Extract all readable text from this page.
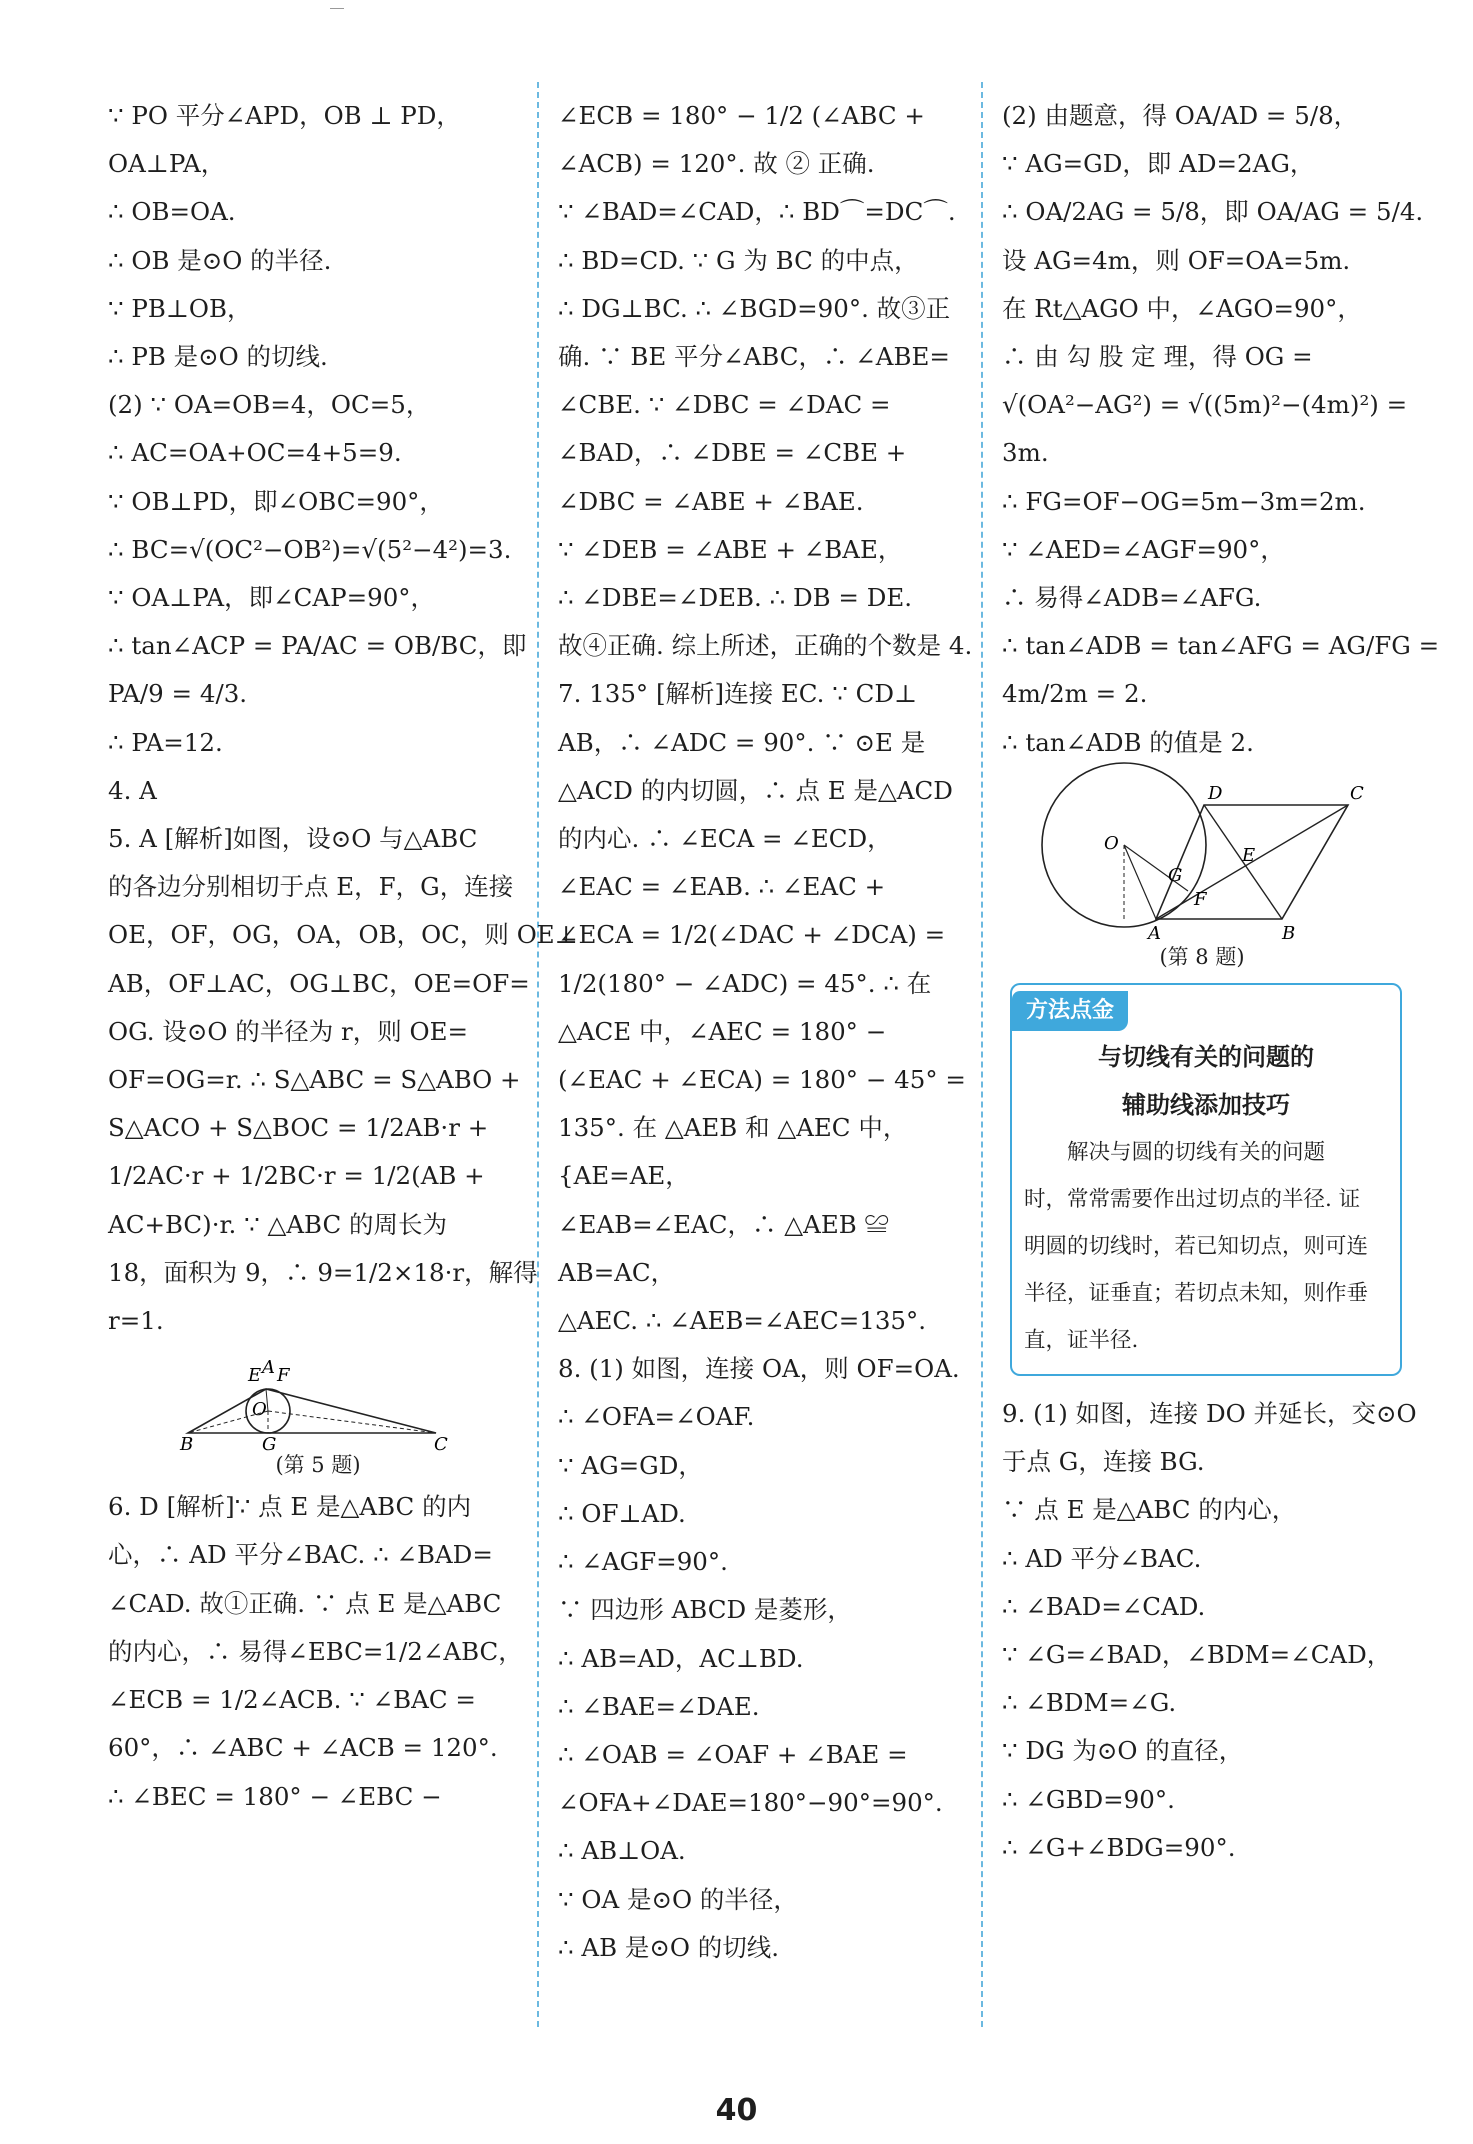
∵ PO 平分∠APD，OB ⊥ PD，
OA⊥PA，
∴ OB=OA.
∴ OB 是⊙O 的半径.
∵ PB⊥OB，
∴ PB 是⊙O 的切线.
(2) ∵ OA=OB=4，OC=5，
∴ AC=OA+OC=4+5=9.
∵ OB⊥PD，即∠OBC=90°，
∴ BC=√(OC²−OB²)=√(5²−4²)=3.
∵ OA⊥PA，即∠CAP=90°，
∴ tan∠ACP = PA/AC = OB/BC，即
PA/9 = 4/3.
∴ PA=12.
4. A
5. A [解析]如图，设⊙O 与△ABC
的各边分别相切于点 E，F，G，连接
OE，OF，OG，OA，OB，OC，则 OE⊥
AB，OF⊥AC，OG⊥BC，OE=OF=
OG. 设⊙O 的半径为 r，则 OE=
OF=OG=r. ∴ S△ABC = S△ABO +
S△ACO + S△BOC = 1/2AB·r +
1/2AC·r + 1/2BC·r = 1/2(AB +
AC+BC)·r. ∵ △ABC 的周长为
18，面积为 9，∴ 9=1/2×18·r，解得
r=1.
E A F
O
B	G	C
(第 5 题)
6. D [解析]∵ 点 E 是△ABC 的内
心，∴ AD 平分∠BAC. ∴ ∠BAD=
∠CAD. 故①正确. ∵ 点 E 是△ABC
的内心，∴ 易得∠EBC=1/2∠ABC，
∠ECB = 1/2∠ACB. ∵ ∠BAC =
60°，∴ ∠ABC + ∠ACB = 120°.
∴ ∠BEC = 180° − ∠EBC −
∠ECB = 180° − 1/2 (∠ABC +
∠ACB) = 120°. 故 ② 正确.
∵ ∠BAD=∠CAD，∴ BD⌒=DC⌒.
∴ BD=CD. ∵ G 为 BC 的中点，
∴ DG⊥BC. ∴ ∠BGD=90°. 故③正
确. ∵ BE 平分∠ABC，∴ ∠ABE=
∠CBE. ∵ ∠DBC = ∠DAC =
∠BAD，∴ ∠DBE = ∠CBE +
∠DBC = ∠ABE + ∠BAE.
∵ ∠DEB = ∠ABE + ∠BAE，
∴ ∠DBE=∠DEB. ∴ DB = DE.
故④正确. 综上所述，正确的个数是 4.
7. 135° [解析]连接 EC. ∵ CD⊥
AB，∴ ∠ADC = 90°. ∵ ⊙E 是
△ACD 的内切圆，∴ 点 E 是△ACD
的内心. ∴ ∠ECA = ∠ECD，
∠EAC = ∠EAB. ∴ ∠EAC +
∠ECA = 1/2(∠DAC + ∠DCA) =
1/2(180° − ∠ADC) = 45°. ∴ 在
△ACE 中，∠AEC = 180° −
(∠EAC + ∠ECA) = 180° − 45° =
135°. 在 △AEB 和 △AEC 中，
{AE=AE，
∠EAB=∠EAC，∴ △AEB ≌
AB=AC，
△AEC. ∴ ∠AEB=∠AEC=135°.
8. (1) 如图，连接 OA，则 OF=OA.
∴ ∠OFA=∠OAF.
∵ AG=GD，
∴ OF⊥AD.
∴ ∠AGF=90°.
∵ 四边形 ABCD 是菱形，
∴ AB=AD，AC⊥BD.
∴ ∠BAE=∠DAE.
∴ ∠OAB = ∠OAF + ∠BAE =
∠OFA+∠DAE=180°−90°=90°.
∴ AB⊥OA.
∵ OA 是⊙O 的半径，
∴ AB 是⊙O 的切线.
(2) 由题意，得 OA/AD = 5/8，
∵ AG=GD，即 AD=2AG，
∴ OA/2AG = 5/8，即 OA/AG = 5/4.
设 AG=4m，则 OF=OA=5m.
在 Rt△AGO 中，∠AGO=90°，
∴ 由 勾 股 定 理，得 OG =
√(OA²−AG²) = √((5m)²−(4m)²) =
3m.
∴ FG=OF−OG=5m−3m=2m.
∵ ∠AED=∠AGF=90°，
∴ 易得∠ADB=∠AFG.
∴ tan∠ADB = tan∠AFG = AG/FG =
4m/2m = 2.
∴ tan∠ADB 的值是 2.
D	C
O
E
G
F
A	B
(第 8 题)
方法点金
与切线有关的问题的
辅助线添加技巧
解决与圆的切线有关的问题
时，常常需要作出过切点的半径. 证
明圆的切线时，若已知切点，则可连
半径，证垂直；若切点未知，则作垂
直，证半径.
9. (1) 如图，连接 DO 并延长，交⊙O
于点 G，连接 BG.
∵ 点 E 是△ABC 的内心，
∴ AD 平分∠BAC.
∴ ∠BAD=∠CAD.
∵ ∠G=∠BAD，∠BDM=∠CAD，
∴ ∠BDM=∠G.
∵ DG 为⊙O 的直径，
∴ ∠GBD=90°.
∴ ∠G+∠BDG=90°.
40
